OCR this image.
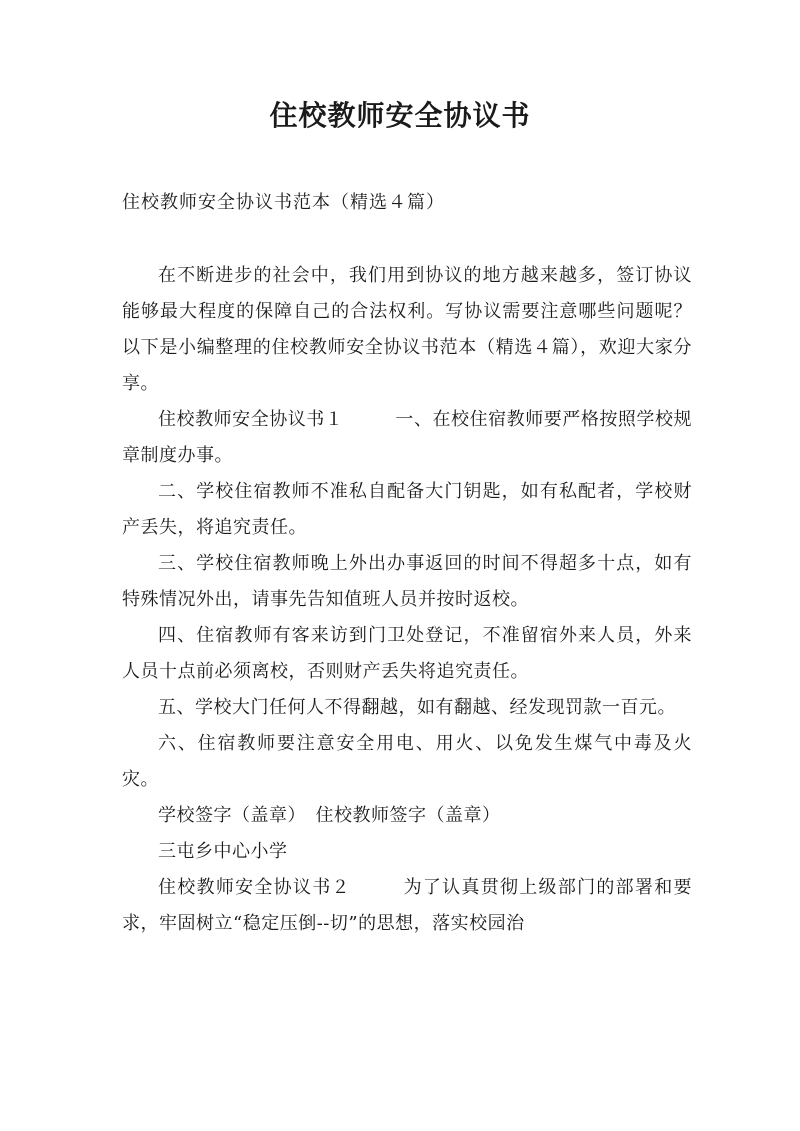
住校教师安全协议书
住校教师安全协议书范本（精选４篇）

在不断进步的社会中，我们用到协议的地方越来越多，签订协议能够最大程度的保障自己的合法权利。写协议需要注意哪些问题呢？以下是小编整理的住校教师安全协议书范本（精选４篇），欢迎大家分享。

住校教师安全协议书１	一、在校住宿教师要严格按照学校规章制度办事。

二、学校住宿教师不准私自配备大门钥匙，如有私配者，学校财产丢失，将追究责任。

三、学校住宿教师晚上外出办事返回的时间不得超多十点，如有特殊情况外出，请事先告知值班人员并按时返校。

四、住宿教师有客来访到门卫处登记，不准留宿外来人员，外来人员十点前必须离校，否则财产丢失将追究责任。

五、学校大门任何人不得翻越，如有翻越、经发现罚款一百元。

六、住宿教师要注意安全用电、用火、以免发生煤气中毒及火灾。

学校签字（盖章）　住校教师签字（盖章）

三屯乡中心小学

住校教师安全协议书２	为了认真贯彻上级部门的部署和要求，牢固树立“稳定压倒--切”的思想，落实校园治
